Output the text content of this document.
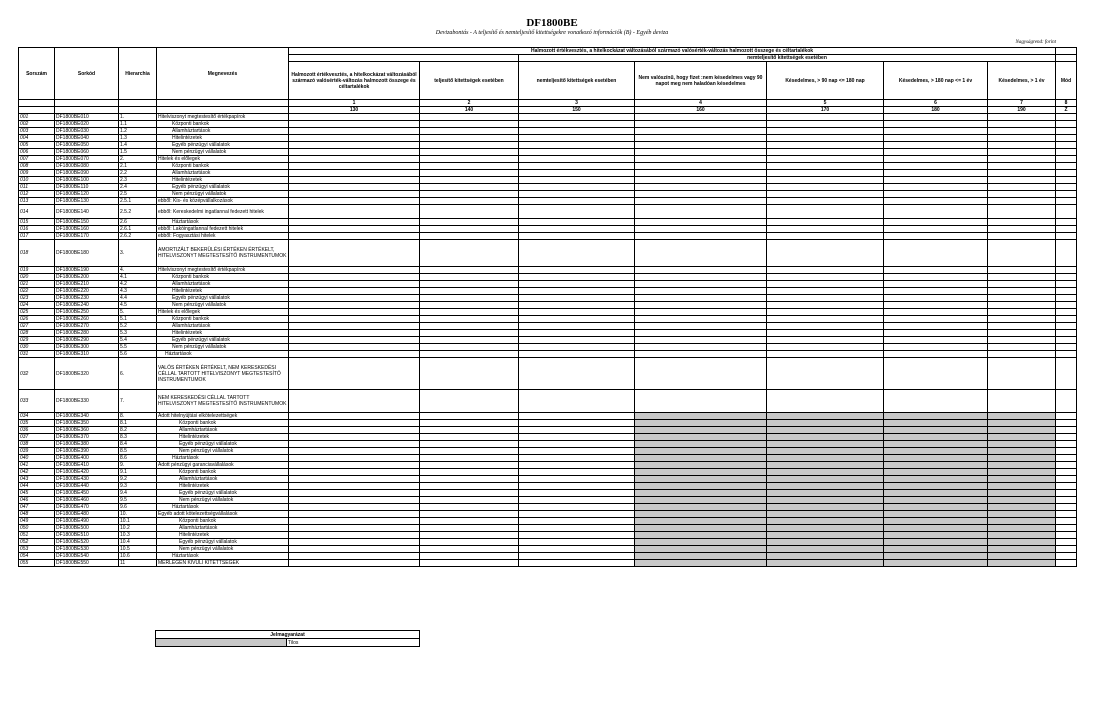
DF1800BE
Devizabontás - A teljesítő és nemteljesítő kitettségekre vonatkozó információk (B) - Egyéb deviza
Nagyságrend: forint
Sorszám	Sorkód	Hierarchia	Megnevezés	Halmozott értékvesztés, a hitelkockázat változásából származó valósérték-változás halmozott összege és céltartalékok							
						nemteljesítő kitettségek esetében					
				Halmozott értékvesztés, a hitelkockázat változásából származó valósérték-változás halmozott összege és céltartalékok	teljesítő kitettségek esetében	nemteljesítő kitettségek esetében	Nem valószínű, hogy fizet :nem késedelmes vagy 90 napot meg nem haladóan késedelmes	Késedelmes, > 90 nap <= 180 nap	Késedelmes, > 180 nap <= 1 év	Késedelmes, > 1 év	Mód
				1	2	3	4	5	6	7	8
				130	140	150	160	170	180	190	Z
001	DF1800BE010	1.	Hitelviszonyt megtestesítő értékpapírok								
002	DF1800BE020	1.1	Központi bankok								
003	DF1800BE030	1.2	Államháztartások								
004	DF1800BE040	1.3	Hitelintézetek								
005	DF1800BE050	1.4	Egyéb pénzügyi vállalatok								
006	DF1800BE060	1.5	Nem pénzügyi vállalatok								
007	DF1800BE070	2.	Hitelek és előlegek								
008	DF1800BE080	2.1	Központi bankok								
009	DF1800BE090	2.2	Államháztartások								
010	DF1800BE100	2.3	Hitelintézetek								
011	DF1800BE110	2.4	Egyéb pénzügyi vállalatok								
012	DF1800BE120	2.5	Nem pénzügyi vállalatok								
013	DF1800BE130	2.5.1	ebből: Kis- és középvállalkozások								
014	DF1800BE140	2.5.2	ebből: Kereskedelmi ingatlannal fedezett hitelek								
015	DF1800BE150	2.6	Háztartások								
016	DF1800BE160	2.6.1	ebből: Lakóingatlannal fedezett hitelek								
017	DF1800BE170	2.6.2	ebből: Fogyasztási hitelek								
018	DF1800BE180	3.	AMORTIZÁLT BEKERÜLÉSI ÉRTÉKEN ÉRTÉKELT, HITELVISZONYT MEGTESTESÍTŐ INSTRUMENTUMOK								
019	DF1800BE190	4.	Hitelviszonyt megtestesítő értékpapírok								
020	DF1800BE200	4.1	Központi bankok								
021	DF1800BE210	4.2	Államháztartások								
022	DF1800BE220	4.3	Hitelintézetek								
023	DF1800BE230	4.4	Egyéb pénzügyi vállalatok								
024	DF1800BE240	4.5	Nem pénzügyi vállalatok								
025	DF1800BE250	5.	Hitelek és előlegek								
026	DF1800BE260	5.1	Központi bankok								
027	DF1800BE270	5.2	Államháztartások								
028	DF1800BE280	5.3	Hitelintézetek								
029	DF1800BE290	5.4	Egyéb pénzügyi vállalatok								
030	DF1800BE300	5.5	Nem pénzügyi vállalatok								
031	DF1800BE310	5.6	Háztartások								
032	DF1800BE320	6.	VALÓS ÉRTÉKEN ÉRTÉKELT, NEM KERESKEDÉSI CÉLLAL TARTOTT HITELVISZONYT MEGTESTESÍTŐ INSTRUMENTUMOK								
033	DF1800BE330	7.	NEM KERESKEDÉSI CÉLLAL TARTOTT HITELVISZONYT MEGTESTESÍTŐ INSTRUMENTUMOK								
034	DF1800BE340	8.	Adott hitelnyújtási elkötelezettségek								
035	DF1800BE350	8.1	Központi bankok								
036	DF1800BE360	8.2	Államháztartások								
037	DF1800BE370	8.3	Hitelintézetek								
038	DF1800BE380	8.4	Egyéb pénzügyi vállalatok								
039	DF1800BE390	8.5	Nem pénzügyi vállalatok								
040	DF1800BE400	8.6	Háztartások								
041	DF1800BE410	9.	Adott pénzügyi garanciavállalások								
042	DF1800BE420	9.1	Központi bankok								
043	DF1800BE430	9.2	Államháztartások								
044	DF1800BE440	9.3	Hitelintézetek								
045	DF1800BE450	9.4	Egyéb pénzügyi vállalatok								
046	DF1800BE460	9.5	Nem pénzügyi vállalatok								
047	DF1800BE470	9.6	Háztartások								
048	DF1800BE480	10.	Egyéb adott kötelezettségvállalások								
049	DF1800BE490	10.1	Központi bankok								
050	DF1800BE500	10.2	Államháztartások								
051	DF1800BE510	10.3	Hitelintézetek								
052	DF1800BE520	10.4	Egyéb pénzügyi vállalatok								
053	DF1800BE530	10.5	Nem pénzügyi vállalatok								
054	DF1800BE540	10.6	Háztartások								
055	DF1800BE550	11	MÉRLEGEN KÍVÜLI KITETTSÉGEK								
Jelmagyarázat
	Tilos
